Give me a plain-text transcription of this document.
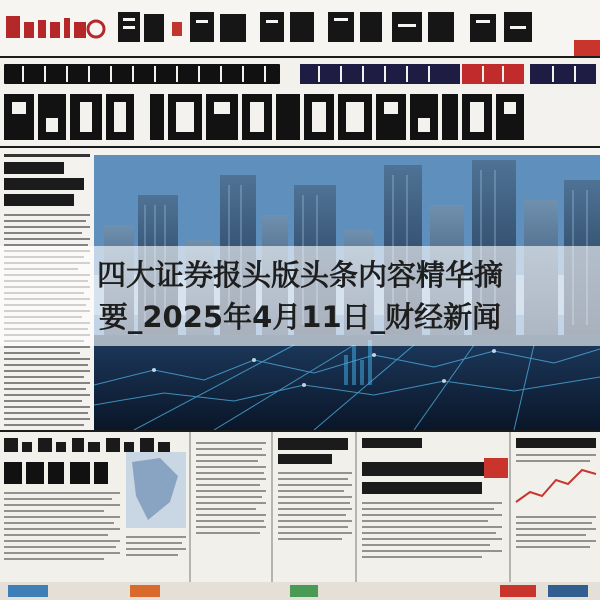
四大证券报头版头条内容精华摘
要_2025年4月11日_财经新闻
